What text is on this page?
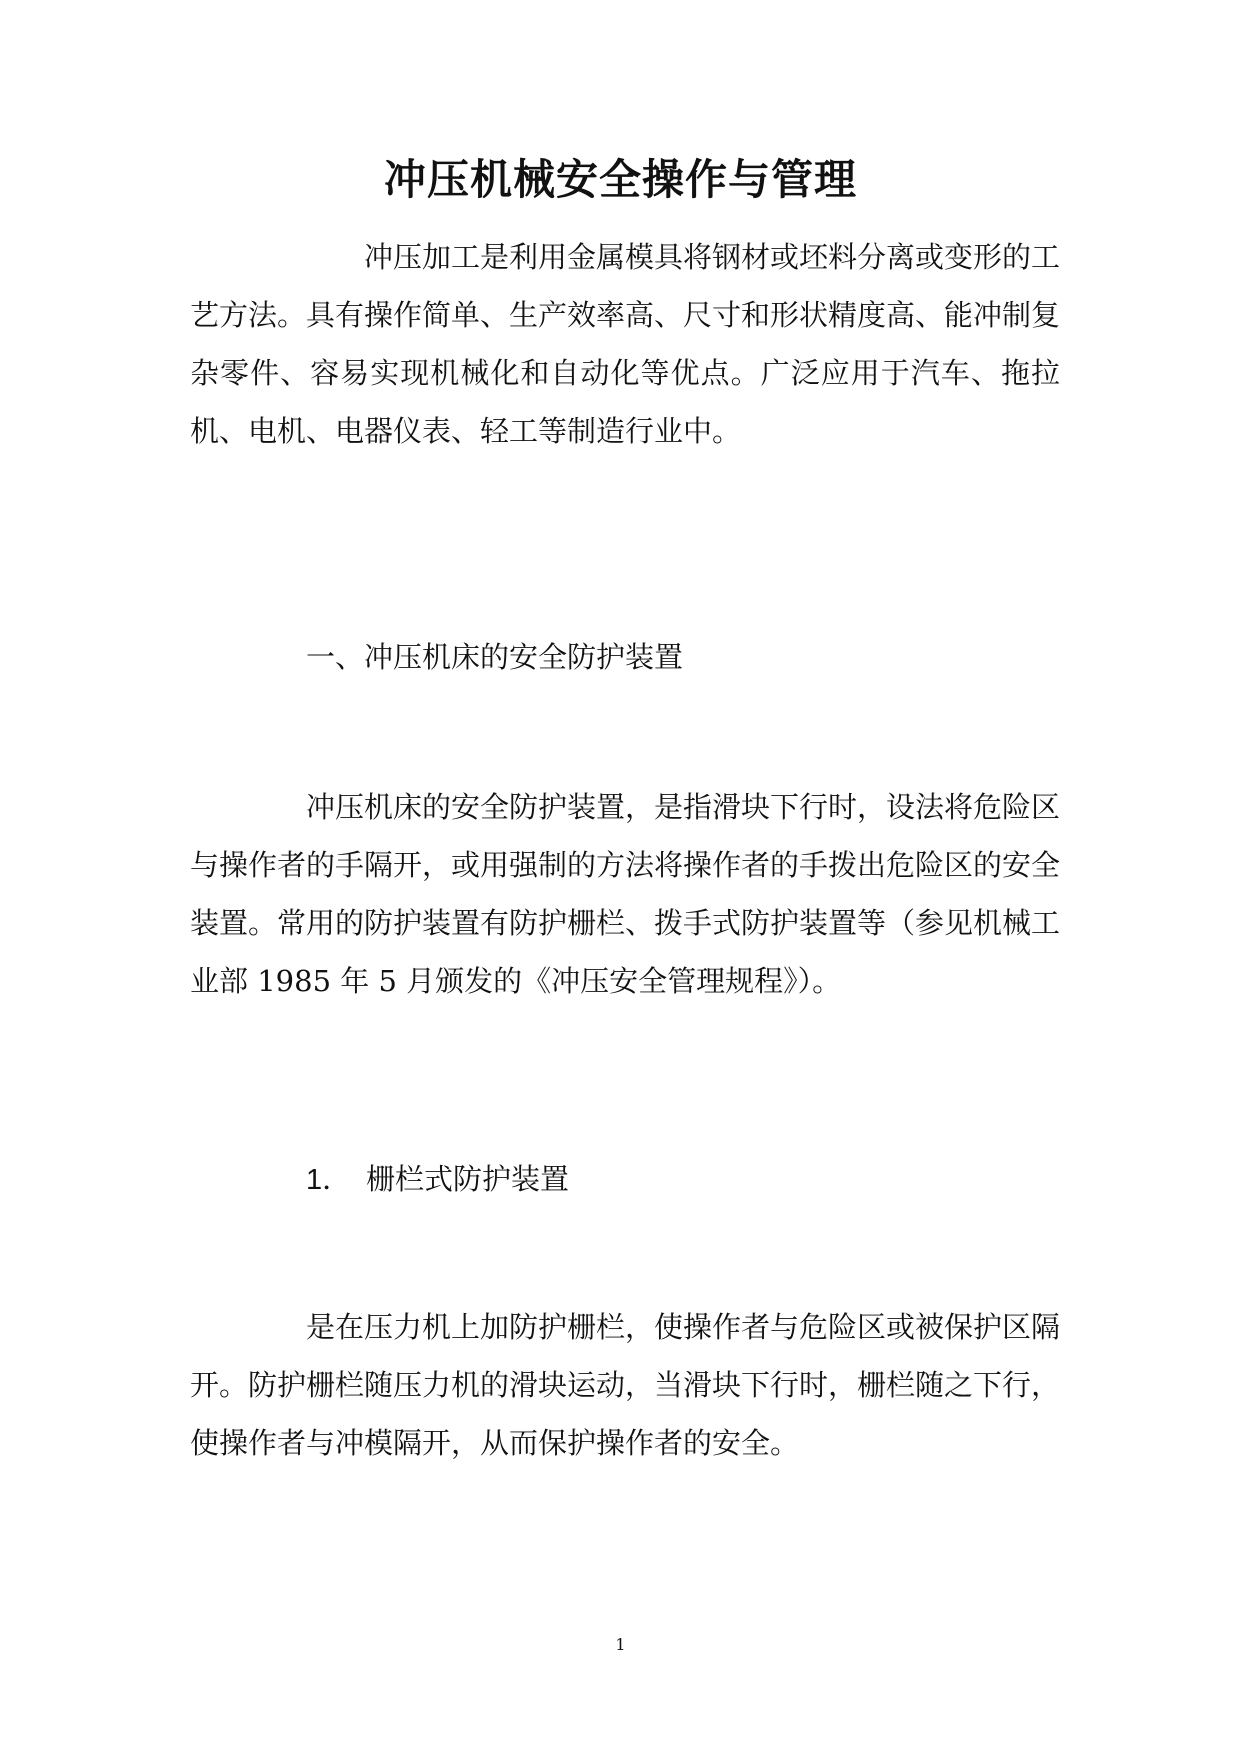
冲压机械安全操作与管理
冲压加工是利用金属模具将钢材或坯料分离或变形的工艺方法。具有操作简单、生产效率高、尺寸和形状精度高、能冲制复杂零件、容易实现机械化和自动化等优点。广泛应用于汽车、拖拉机、电机、电器仪表、轻工等制造行业中。
一、冲压机床的安全防护装置
冲压机床的安全防护装置，是指滑块下行时，设法将危险区与操作者的手隔开，或用强制的方法将操作者的手拨出危险区的安全装置。常用的防护装置有防护栅栏、拨手式防护装置等（参见机械工业部 1985 年 5 月颁发的《冲压安全管理规程》）。
1． 栅栏式防护装置
是在压力机上加防护栅栏，使操作者与危险区或被保护区隔开。防护栅栏随压力机的滑块运动，当滑块下行时，栅栏随之下行，使操作者与冲模隔开，从而保护操作者的安全。
1
